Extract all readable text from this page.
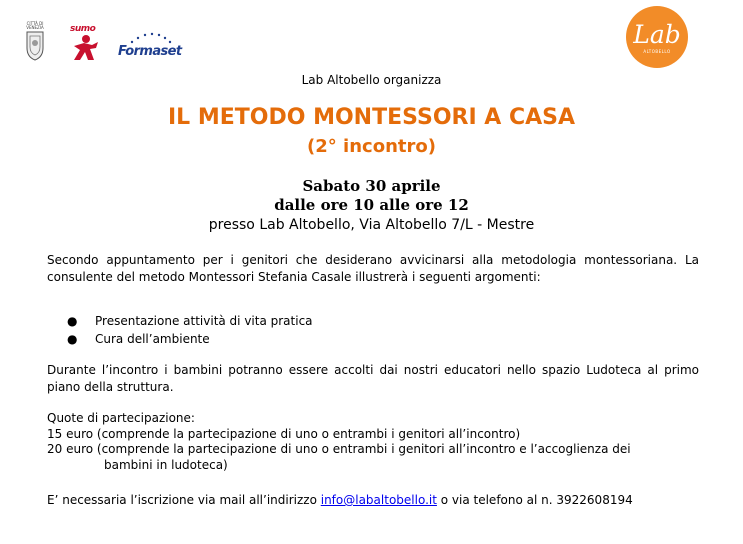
CITTÀ DI VENEZIA	sumo
Formaset
Lab
ALTOBELLO
Lab Altobello organizza
IL METODO MONTESSORI A CASA
(2° incontro)
Sabato 30 aprile
dalle ore 10 alle ore 12
presso Lab Altobello, Via Altobello 7/L - Mestre
Secondo appuntamento per i genitori che desiderano avvicinarsi alla metodologia montessoriana. La consulente del metodo Montessori Stefania Casale illustrerà i seguenti argomenti:
● Presentazione attività di vita pratica
● Cura dell’ambiente
Durante l’incontro i bambini potranno essere accolti dai nostri educatori nello spazio Ludoteca al primo piano della struttura.
Quote di partecipazione:
15 euro (comprende la partecipazione di uno o entrambi i genitori all’incontro)
20 euro (comprende la partecipazione di uno o entrambi i genitori all’incontro e l’accoglienza dei
bambini in ludoteca)
E’ necessaria l’iscrizione via mail all’indirizzo info@labaltobello.it o via telefono al n. 3922608194
